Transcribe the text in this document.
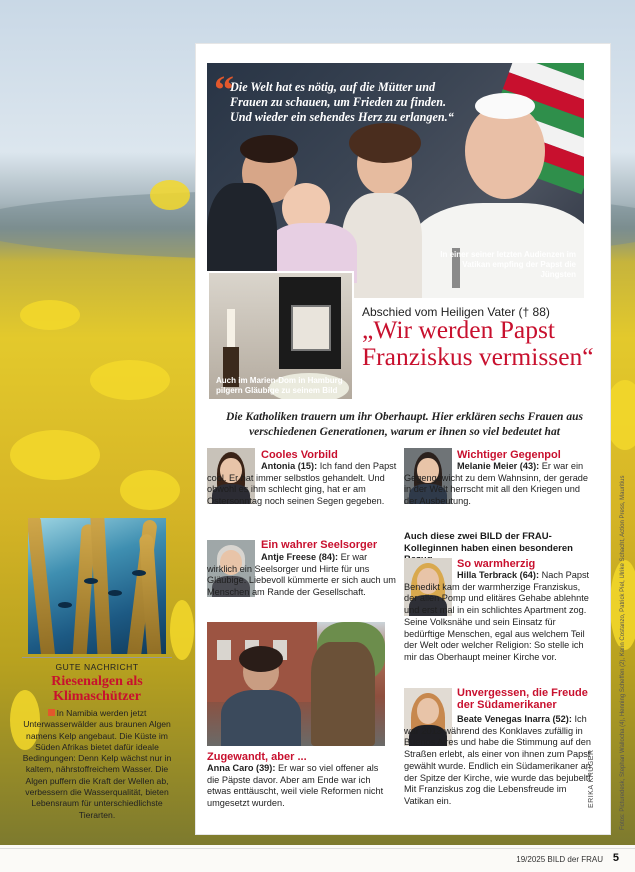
GUTE NACHRICHT
Riesenalgen als Klimaschützer
In Namibia werden jetzt Unterwasserwälder aus braunen Algen namens Kelp angebaut. Die Küste im Süden Afrikas bietet dafür ideale Bedingungen: Denn Kelp wächst nur in kaltem, nährstoffreichem Wasser. Die Algen puffern die Kraft der Wellen ab, verbessern die Wasserqualität, bieten Lebensraum für unterschiedlichste Tierarten.
“
Die Welt hat es nötig, auf die Mütter und Frauen zu schauen, um Frieden zu finden. Und wieder ein sehendes Herz zu erlangen.“
In einer seiner letzten Audienzen im Vatikan empfing der Papst die Jüngsten
Auch im Marien-Dom in Hamburg pilgern Gläubige zu seinem Bild
Abschied vom Heiligen Vater († 88)
„Wir werden Papst Franziskus vermissen“
Die Katholiken trauern um ihr Oberhaupt. Hier erklären sechs Frauen aus verschiedenen Generationen, warum er ihnen so viel bedeutet hat
Cooles Vorbild
Antonia (15): Ich fand den Papst cool. Er hat immer selbstlos gehandelt. Und obwohl es ihm schlecht ging, hat er am Ostersonntag noch seinen Segen gegeben.
Ein wahrer Seelsorger
Antje Freese (84): Er war wirklich ein Seelsorger und Hirte für uns Gläubige. Liebevoll kümmerte er sich auch um Menschen am Rande der Gesellschaft.
Zugewandt, aber ...
Anna Caro (39): Er war so viel offener als die Päpste davor. Aber am Ende war ich etwas enttäuscht, weil viele Reformen nicht umgesetzt wurden.
Wichtiger Gegenpol
Melanie Meier (43): Er war ein Gegengewicht zu dem Wahnsinn, der gerade in der Welt herrscht mit all den Kriegen und der Ausbeutung.
Auch diese zwei BILD der FRAU-Kolleginnen haben einen besonderen
So warmherzig
Hilla Terbrack (64): Nach Papst Benedikt kam der warmherzige Franziskus, der allen Pomp und elitäres Gehabe ablehnte und erst mal in ein schlichtes Apartment zog. Seine Volksnähe und sein Einsatz für bedürftige Menschen, egal aus welchem Teil der Welt oder welcher Religion: So stelle ich mir das Oberhaupt meiner Kirche vor.
Unvergessen, die Freude der Südamerikaner
Beate Venegas Inarra (52): Ich war 2013 während des Konklaves zufällig in Buenos Aires und habe die Stimmung auf den Straßen erlebt, als einer von ihnen zum Papst gewählt wurde. Endlich ein Südamerikaner an der Spitze der Kirche, wie wurde das bejubelt! Mit Franziskus zog die Lebensfreude im Vatikan ein.	ERIKA KRÜGER	Fotos: Picturedesk, Stephan Wallocha (4), Henning Scheffen (2), Karin Costanzo, Patrick Piel, Ulrike Schacht, Action Press, Mauritius
19/2025 BILD der FRAU 5
